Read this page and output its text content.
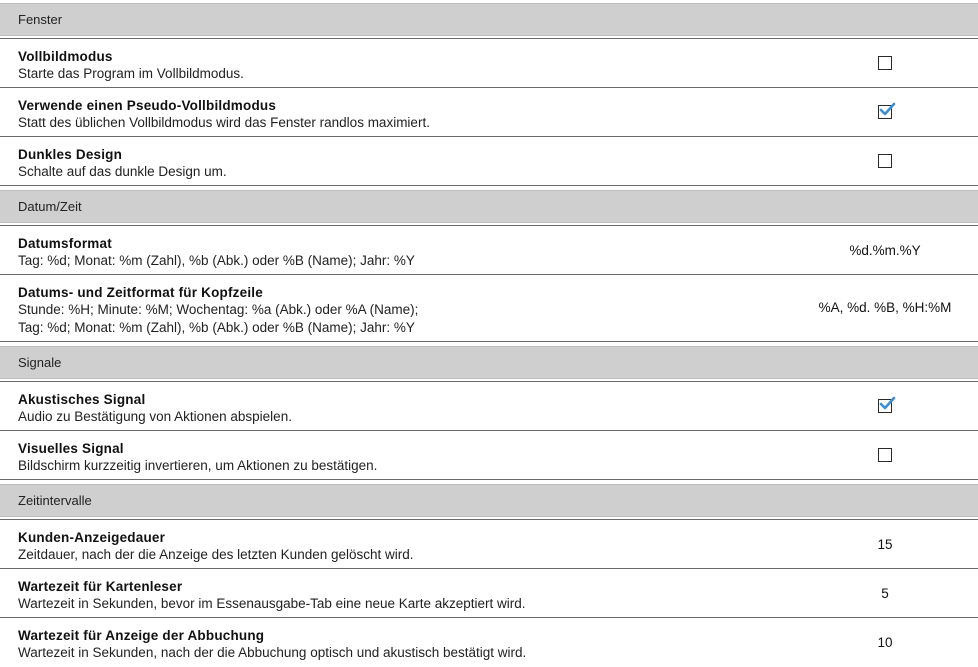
Fenster
Vollbildmodus
Starte das Program im Vollbildmodus.
Verwende einen Pseudo-Vollbildmodus
Statt des üblichen Vollbildmodus wird das Fenster randlos maximiert.
Dunkles Design
Schalte auf das dunkle Design um.
Datum/Zeit
Datumsformat
Tag: %d; Monat: %m (Zahl), %b (Abk.) oder %B (Name); Jahr: %Y
%d.%m.%Y
Datums- und Zeitformat für Kopfzeile
Stunde: %H; Minute: %M; Wochentag: %a (Abk.) oder %A (Name);
Tag: %d; Monat: %m (Zahl), %b (Abk.) oder %B (Name); Jahr: %Y
%A, %d. %B, %H:%M
Signale
Akustisches Signal
Audio zu Bestätigung von Aktionen abspielen.
Visuelles Signal
Bildschirm kurzzeitig invertieren, um Aktionen zu bestätigen.
Zeitintervalle
Kunden-Anzeigedauer
Zeitdauer, nach der die Anzeige des letzten Kunden gelöscht wird.
15
Wartezeit für Kartenleser
Wartezeit in Sekunden, bevor im Essenausgabe-Tab eine neue Karte akzeptiert wird.
5
Wartezeit für Anzeige der Abbuchung
Wartezeit in Sekunden, nach der die Abbuchung optisch und akustisch bestätigt wird.
10
